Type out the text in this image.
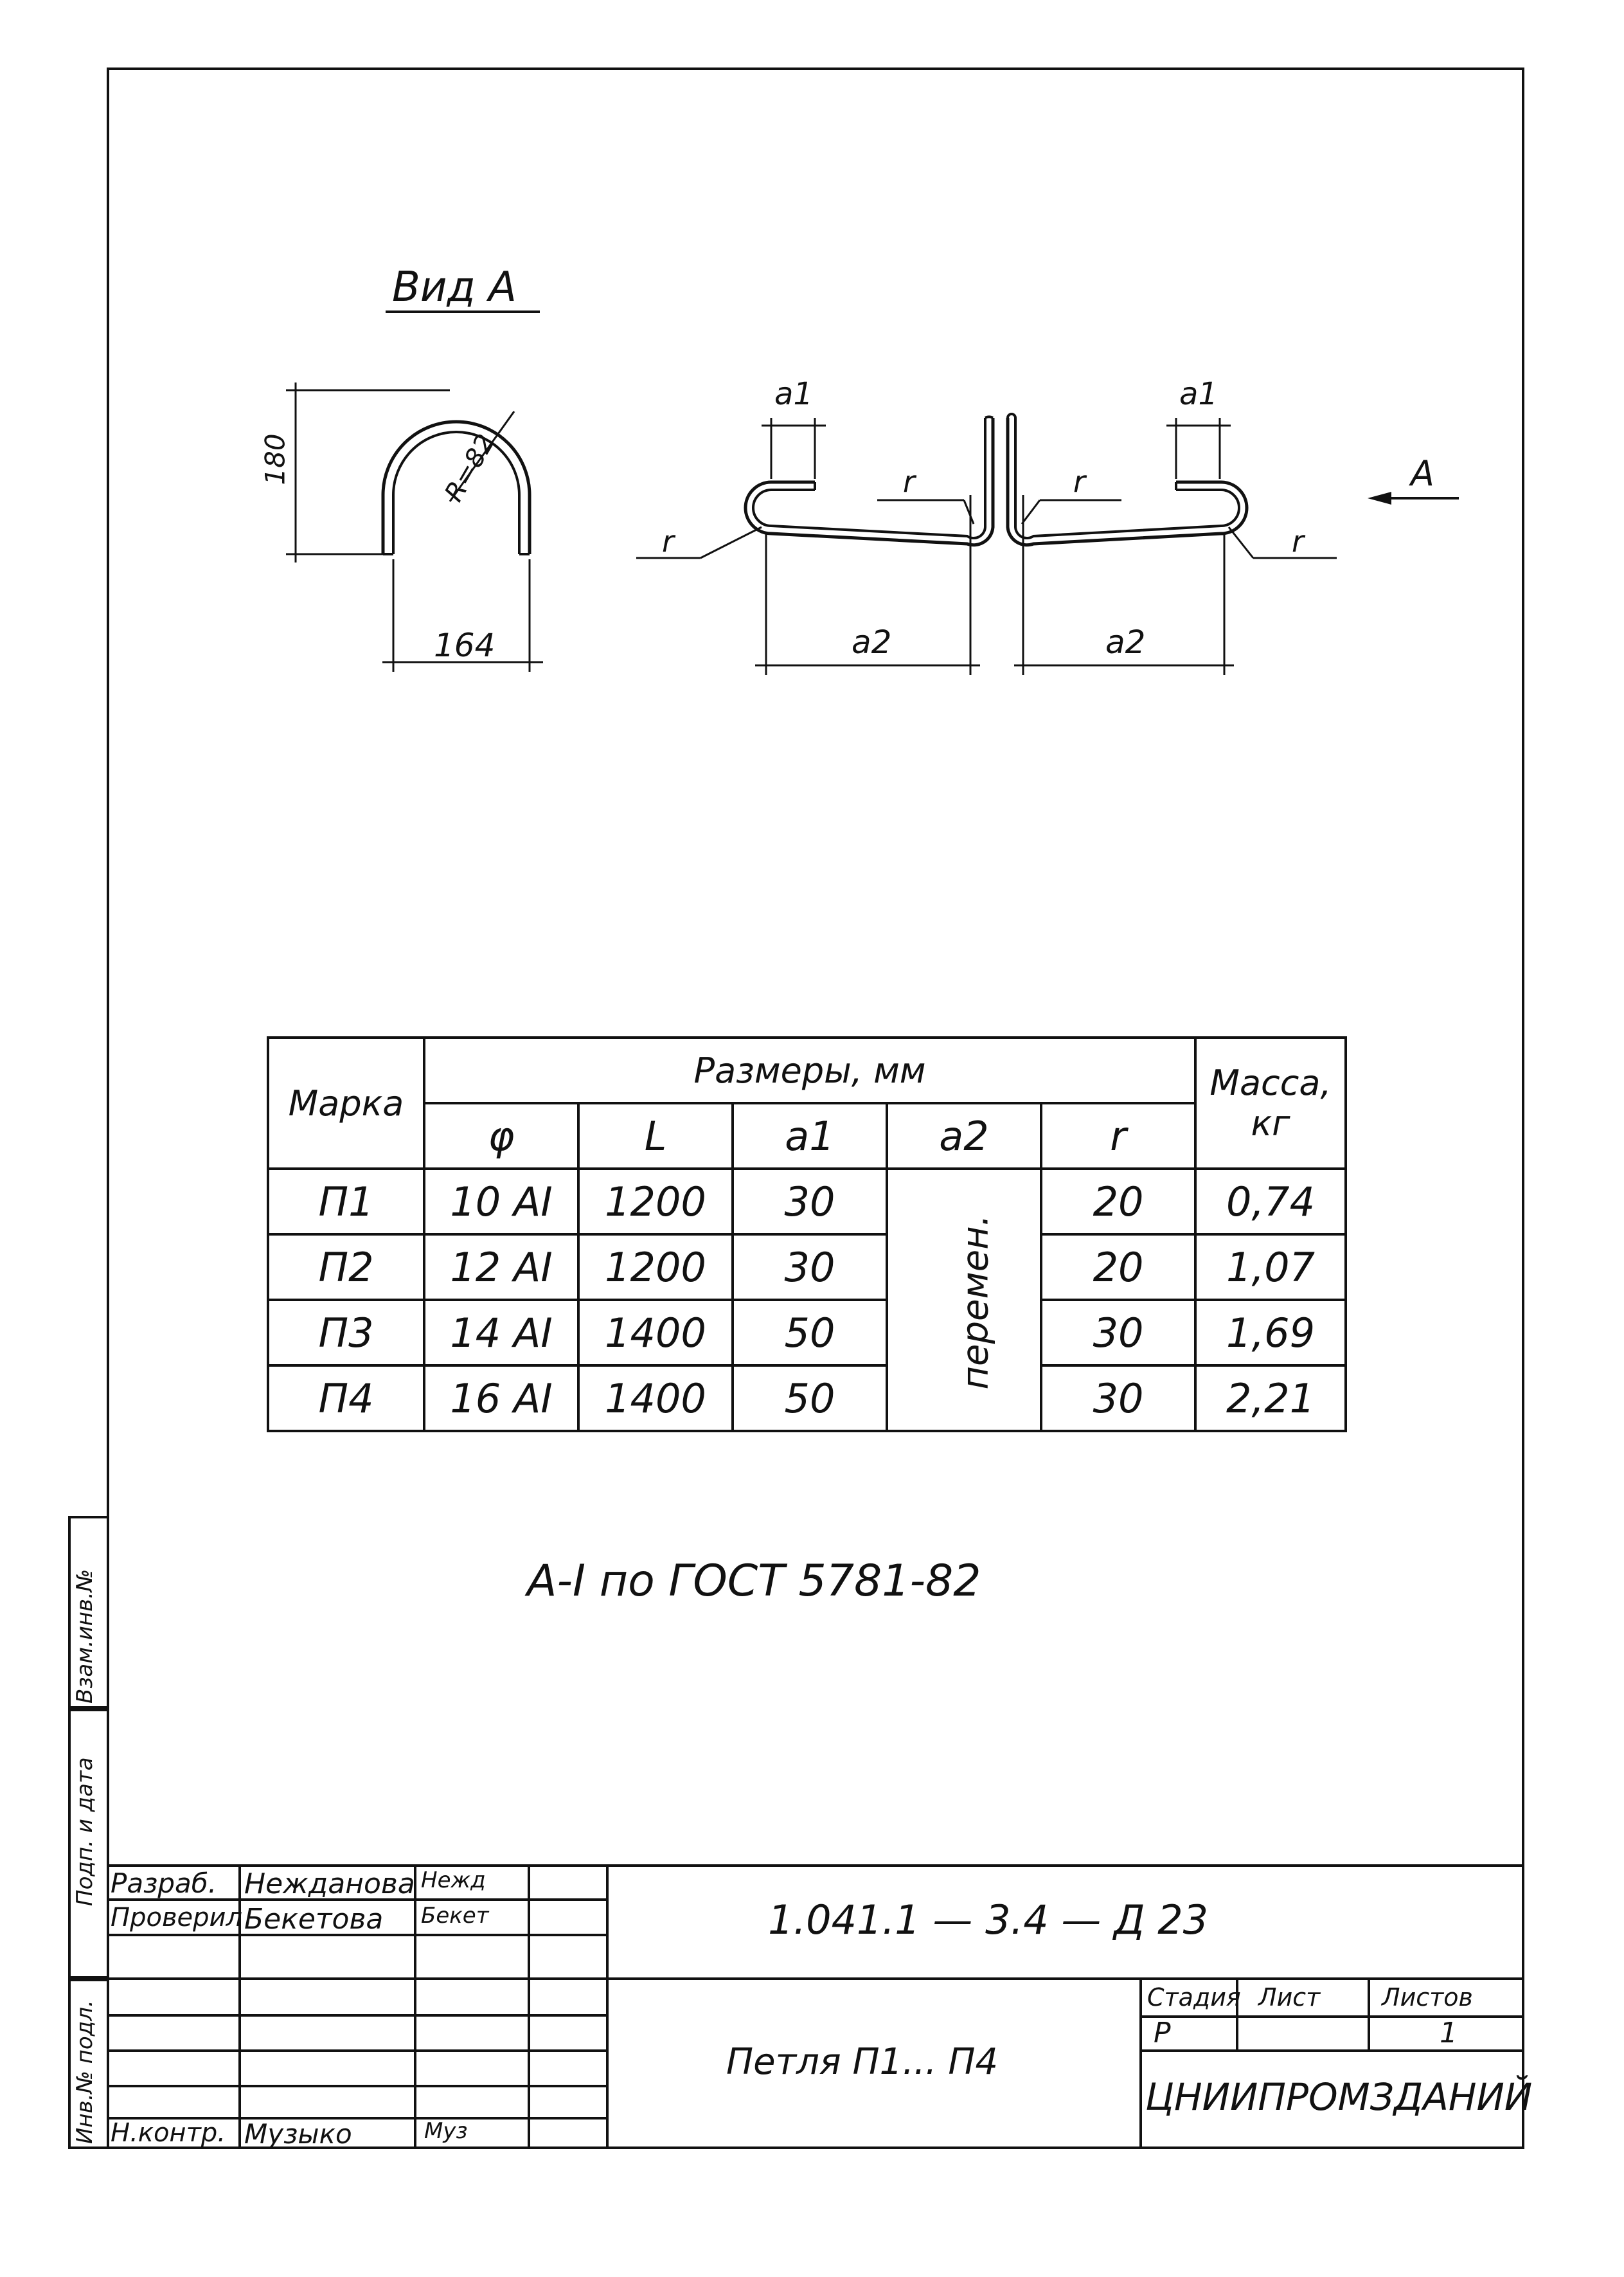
Вид А
180	R=82
164
a1	a1
a2	a2
r
r	r
r
A
Марка	Размеры, мм					Масса, кг
	φ	L	a1	a2	r	
П1	10 АI	1200	30	перемен.	20	0,74
П2	12 АI	1200	30		20	1,07
П3	14 АI	1400	50		30	1,69
П4	16 АI	1400	50		30	2,21
А-I по ГОСТ 5781-82
Взам.инв.№
Подп. и дата
Инв.№ подл.
Разраб. Нежданова Нежд
Проверил Бекетова Бекет
Н.контр. Музыко	Муз
1.041.1 — 3.4 — Д 23
Петля П1... П4
Стадия Лист	Листов
Р	1
ЦНИИПРОМЗДАНИЙ
